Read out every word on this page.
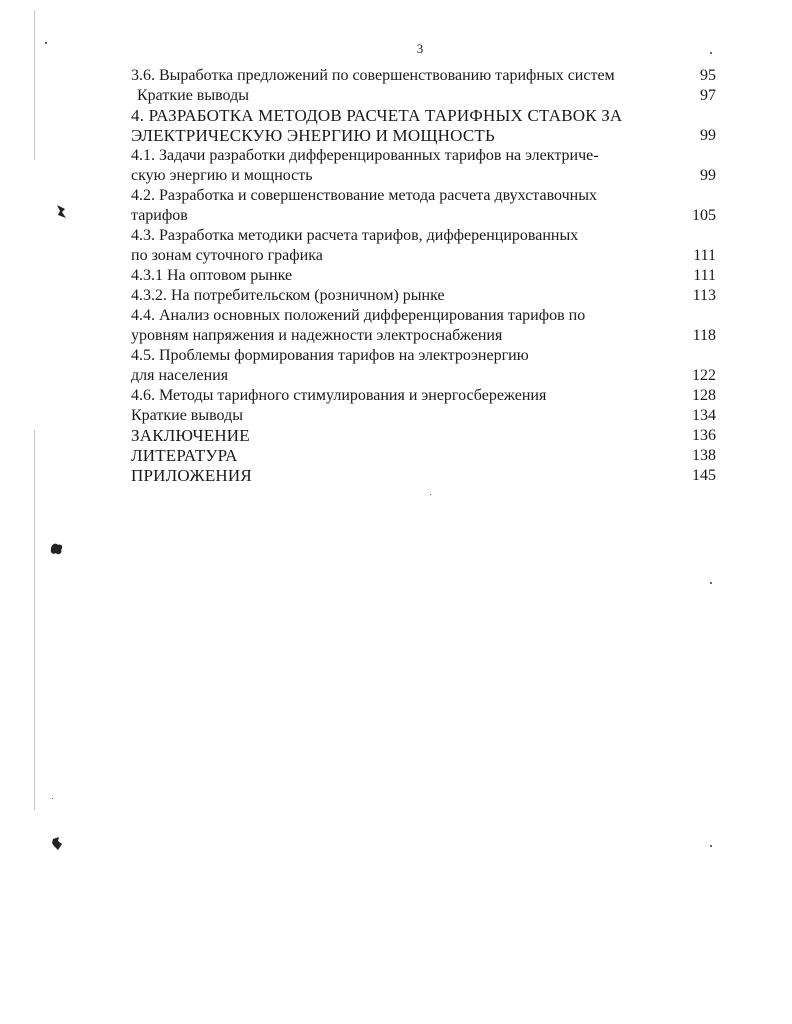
3
3.6. Выработка предложений по совершенствованию тарифных систем	95
Краткие выводы	97
4. РАЗРАБОТКА МЕТОДОВ РАСЧЕТА ТАРИФНЫХ СТАВОК ЗА
ЭЛЕКТРИЧЕСКУЮ ЭНЕРГИЮ И МОЩНОСТЬ	99
4.1. Задачи разработки дифференцированных тарифов на электриче-
скую энергию и мощность	99
4.2. Разработка и совершенствование метода расчета двухставочных
тарифов	105
4.3. Разработка методики расчета тарифов, дифференцированных
по зонам суточного графика	111
4.3.1 На оптовом рынке	111
4.3.2. На потребительском (розничном) рынке	113
4.4. Анализ основных положений дифференцирования тарифов по
уровням напряжения и надежности электроснабжения	118
4.5. Проблемы формирования тарифов на электроэнергию
для населения	122
4.6. Методы тарифного стимулирования и энергосбережения	128
Краткие выводы	134
ЗАКЛЮЧЕНИЕ	136
ЛИТЕРАТУРА	138
ПРИЛОЖЕНИЯ	145
